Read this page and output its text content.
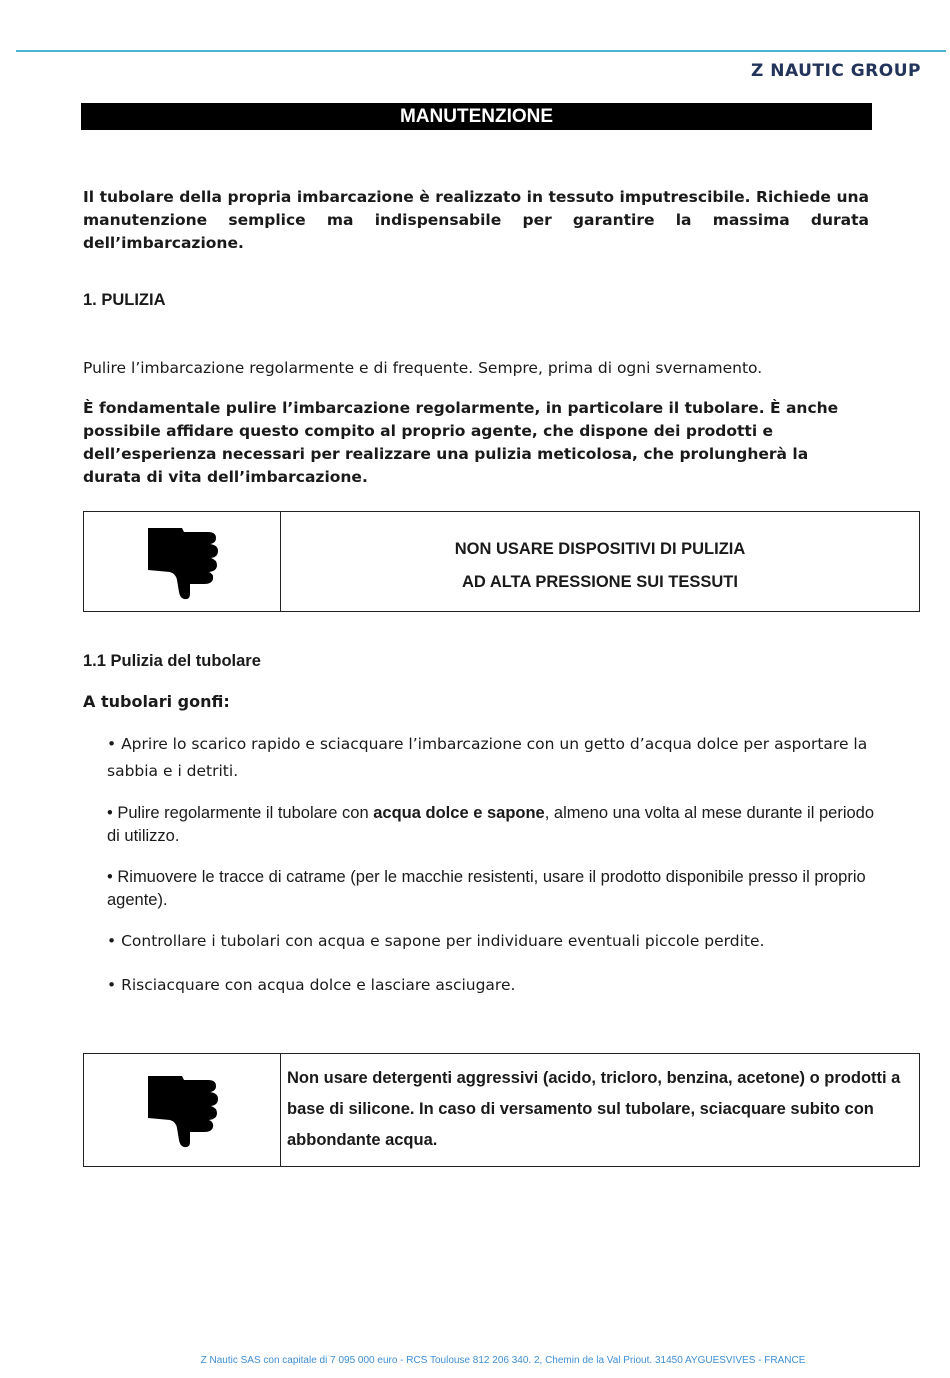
Z NAUTIC GROUP
MANUTENZIONE

Il tubolare della propria imbarcazione è realizzato in tessuto imputrescibile. Richiede una manutenzione semplice ma indispensabile per garantire la massima durata dell’imbarcazione.

1. PULIZIA

Pulire l’imbarcazione regolarmente e di frequente. Sempre, prima di ogni svernamento.

È fondamentale pulire l’imbarcazione regolarmente, in particolare il tubolare. È anche possibile affidare questo compito al proprio agente, che dispone dei prodotti e dell’esperienza necessari per realizzare una pulizia meticolosa, che prolungherà la durata di vita dell’imbarcazione.

NON USARE DISPOSITIVI DI PULIZIA
AD ALTA PRESSIONE SUI TESSUTI
1.1 Pulizia del tubolare
A tubolari gonfi:
• Aprire lo scarico rapido e sciacquare l’imbarcazione con un getto d’acqua dolce per asportare la sabbia e i detriti.
• Pulire regolarmente il tubolare con acqua dolce e sapone, almeno una volta al mese durante il periodo di utilizzo.
• Rimuovere le tracce di catrame (per le macchie resistenti, usare il prodotto disponibile presso il proprio agente).
• Controllare i tubolari con acqua e sapone per individuare eventuali piccole perdite.
• Risciacquare con acqua dolce e lasciare asciugare.
Non usare detergenti aggressivi (acido, tricloro, benzina, acetone) o prodotti a base di silicone. In caso di versamento sul tubolare, sciacquare subito con abbondante acqua.
Z Nautic SAS con capitale di 7 095 000 euro - RCS Toulouse 812 206 340. 2, Chemin de la Val Priout. 31450 AYGUESVIVES - FRANCE
